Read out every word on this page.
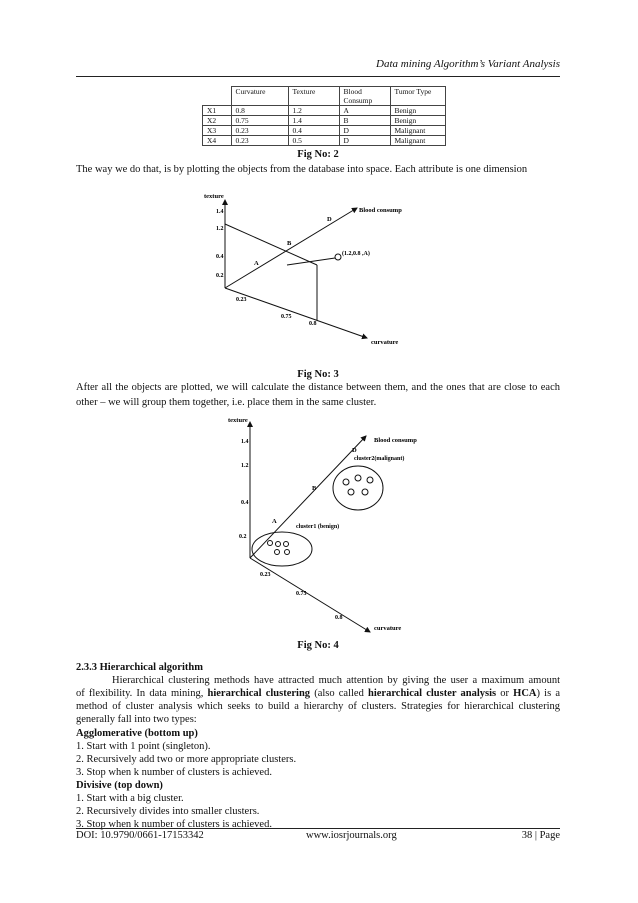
Data mining Algorithm’s Variant Analysis
	Curvature	Texture	Blood Consump	Tumor Type
X1	0.8	1.2	A	Benign
X2	0.75	1.4	B	Benign
X3	0.23	0.4	D	Malignant
X4	0.23	0.5	D	Malignant
Fig No: 2
The way we do that, is by plotting the objects from the database into space. Each attribute is one dimension
texture
Blood consump
curvature
1.4
1.2
0.4
0.2
0.23
0.75
0.8
D
B
A
(1.2,0.8 ,A)
Fig No: 3
After all the objects are plotted, we will calculate the distance between them, and the ones that are close to each other – we will group them together, i.e. place them in the same cluster.
texture
Blood consump
curvature
1.4
1.2
0.4
0.2
0.23
0.75
0.8
D
B
A
cluster1 (benign)
cluster2(malignant)
Fig No: 4
2.3.3 Hierarchical algorithm
Hierarchical clustering methods have attracted much attention by giving the user a maximum amount
of flexibility. In data mining, hierarchical clustering (also called hierarchical cluster analysis or HCA) is a
method of cluster analysis which seeks to build a hierarchy of clusters. Strategies for hierarchical clustering
generally fall into two types:
Agglomerative (bottom up)
1. Start with 1 point (singleton).
2. Recursively add two or more appropriate clusters.
3. Stop when k number of clusters is achieved.
Divisive (top down)
1. Start with a big cluster.
2. Recursively divides into smaller clusters.
3. Stop when k number of clusters is achieved.
DOI: 10.9790/0661-17153342	www.iosrjournals.org	38 | Page
